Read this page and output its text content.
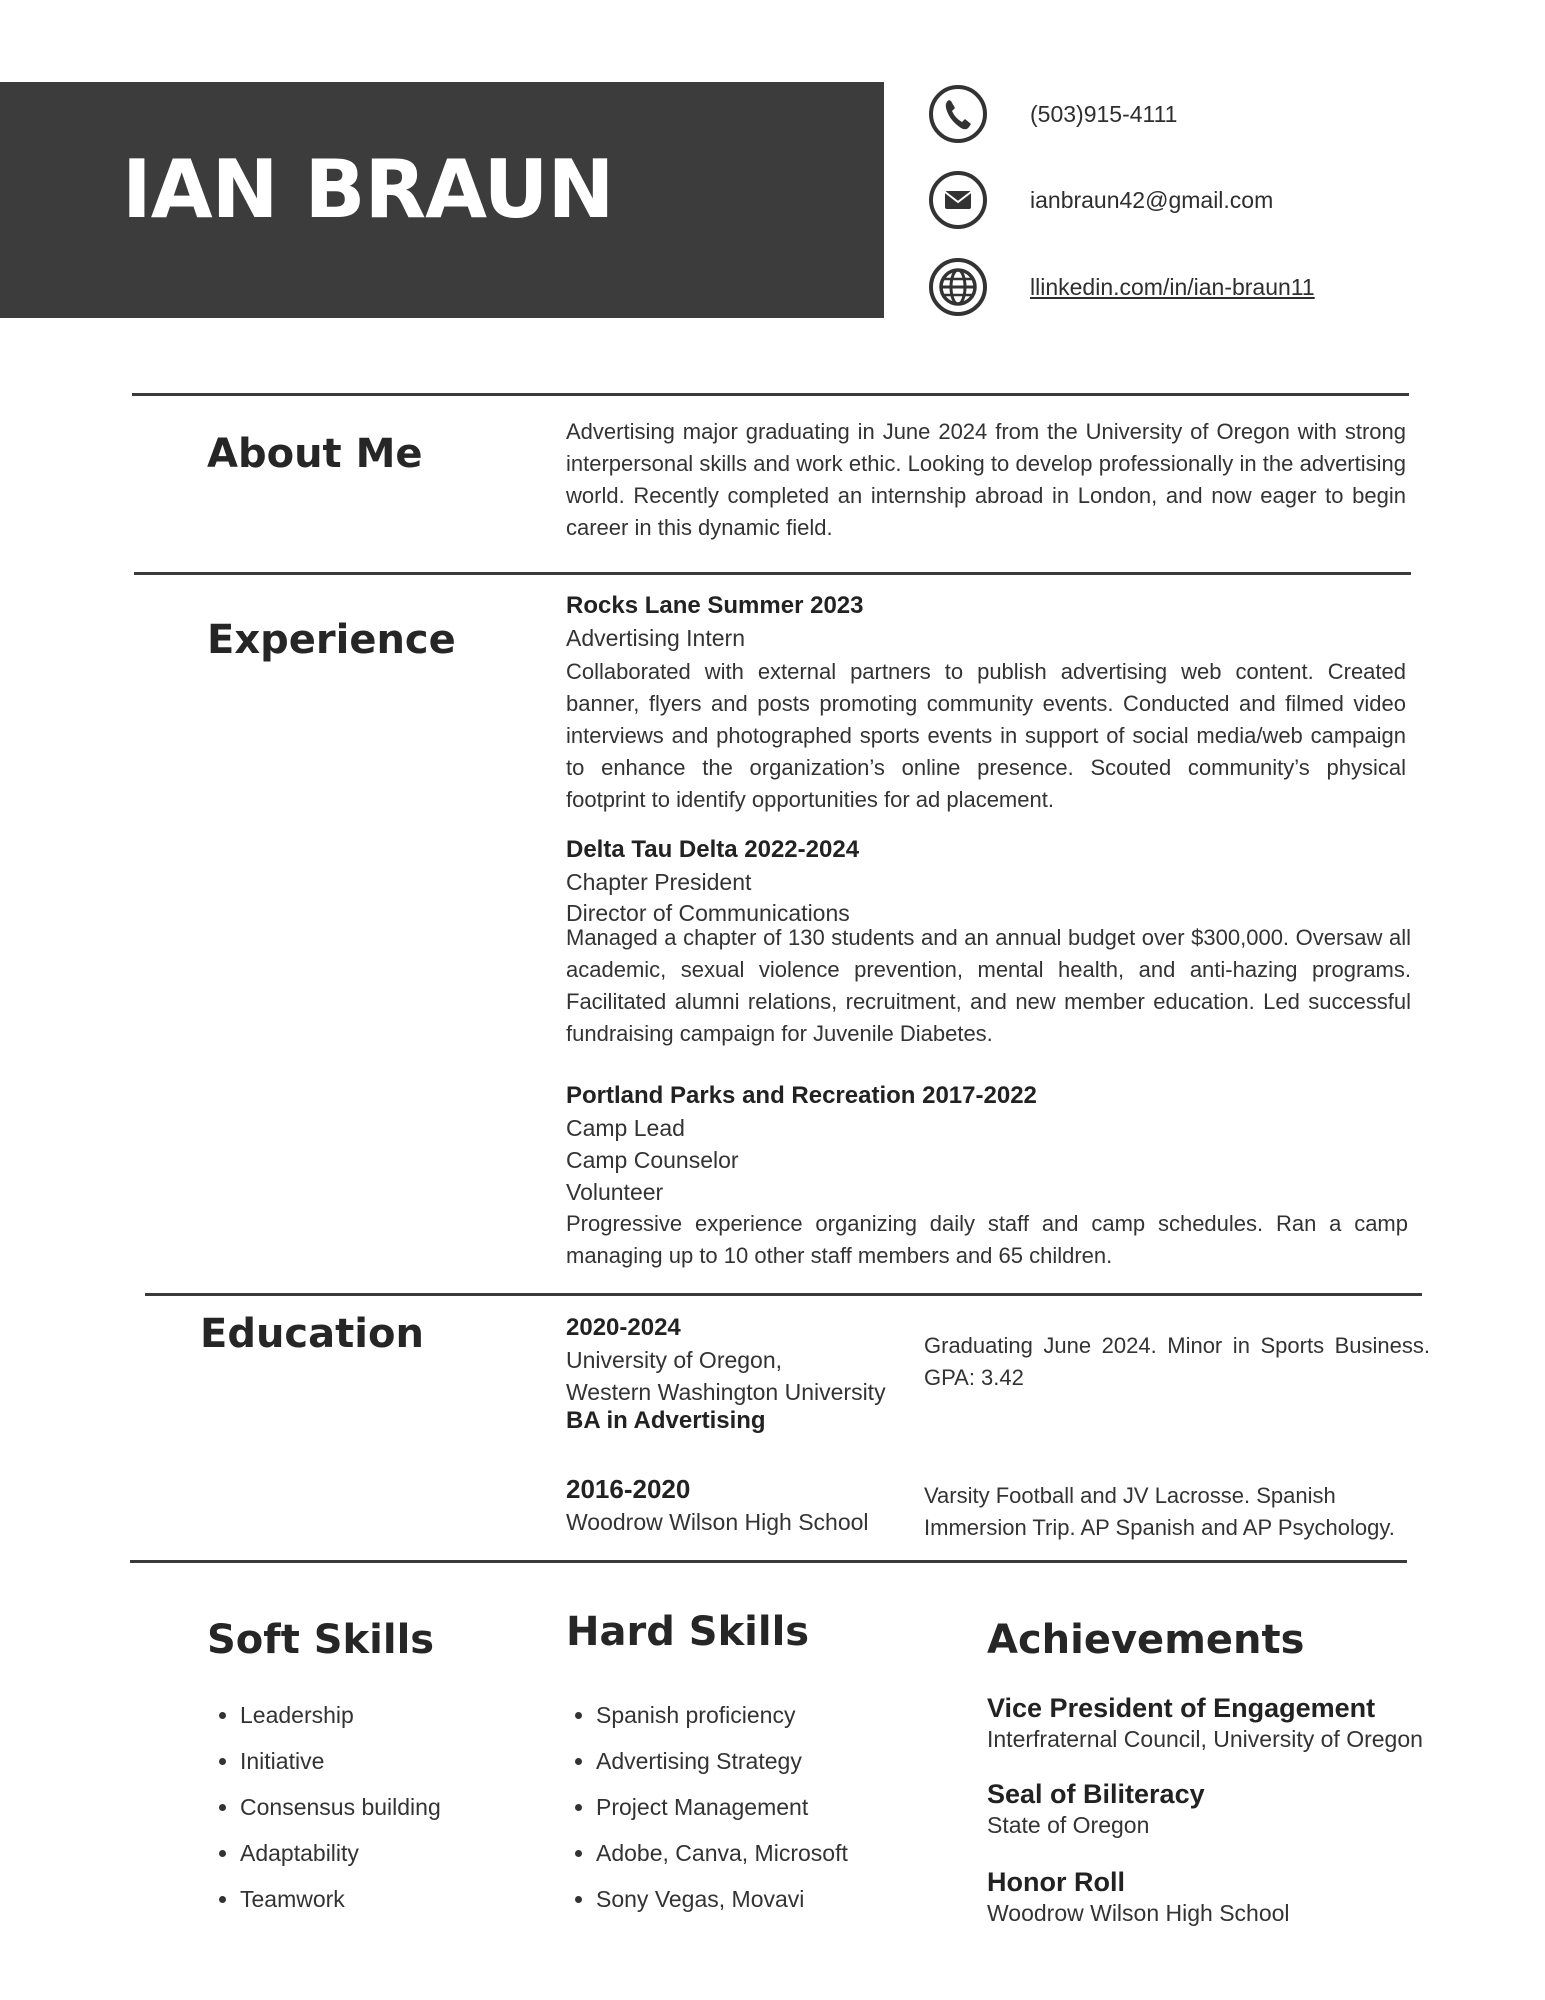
IAN BRAUN
(503)915-4111
ianbraun42@gmail.com
llinkedin.com/in/ian-braun11
About Me	Advertising major graduating in June 2024 from the University of Oregon with strong interpersonal skills and work ethic. Looking to develop professionally in the advertising world. Recently completed an internship abroad in London, and now eager to begin career in this dynamic field.

Experience

Rocks Lane Summer 2023

Advertising Intern

Collaborated with external partners to publish advertising web content. Created banner, flyers and posts promoting community events. Conducted and filmed video interviews and photographed sports events in support of social media/web campaign to enhance the organization’s online presence. Scouted community’s physical footprint to identify opportunities for ad placement.

Delta Tau Delta 2022-2024

Chapter President

Director of Communications

Managed a chapter of 130 students and an annual budget over $300,000. Oversaw all academic, sexual violence prevention, mental health, and anti-hazing programs. Facilitated alumni relations, recruitment, and new member education. Led successful fundraising campaign for Juvenile Diabetes.

Portland Parks and Recreation 2017-2022

Camp Lead

Camp Counselor

Volunteer

Progressive experience organizing daily staff and camp schedules. Ran a camp managing up to 10 other staff members and 65 children.

Education	2020-2024

University of Oregon,

Western Washington University

BA in Advertising

Graduating June 2024. Minor in Sports Business. GPA: 3.42

2016-2020

Woodrow Wilson High School

Varsity Football and JV Lacrosse. Spanish Immersion Trip. AP Spanish and AP Psychology.

Soft Skills
• Leadership
• Initiative
• Consensus building
• Adaptability
• Teamwork
Hard Skills
• Spanish proficiency
• Advertising Strategy
• Project Management
• Adobe, Canva, Microsoft
• Sony Vegas, Movavi
Achievements

Vice President of Engagement

Interfraternal Council, University of Oregon

Seal of Biliteracy

State of Oregon

Honor Roll

Woodrow Wilson High School
